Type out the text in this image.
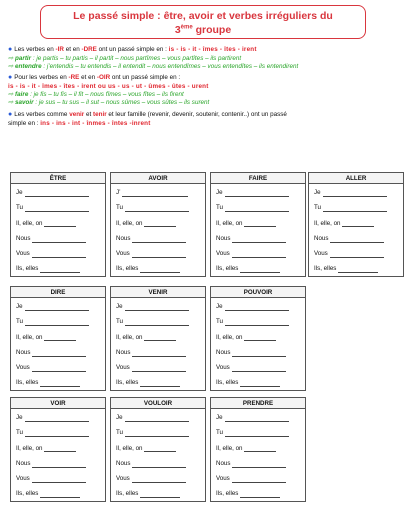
Le passé simple : être, avoir et verbes irréguliers du
3ème groupe
● Les verbes en -IR et en -DRE ont un passé simple en : is - is - it - îmes - îtes - irent
⇨ partir : je partis – tu partis – il partit – nous partîmes – vous partîtes – ils partirent
⇨ entendre : j’entendis – tu entendis – il entendit – nous entendîmes – vous entendîtes – ils entendirent
● Pour les verbes en -RE et en -OIR ont un passé simple en :
is - is - it - îmes - îtes - irent ou us - us - ut - ûmes - ûtes - urent
⇨ faire : je fis – tu fis – il fit – nous fîmes – vous fîtes – ils firent
⇨ savoir : je sus – tu sus – il sut – nous sûmes – vous sûtes – ils surent
● Les verbes comme venir et tenir et leur famille (revenir, devenir, soutenir, contenir..) ont un passé
simple en : ins - ins - int - înmes - întes -inrent
ÊTRE
Je
Tu
Il, elle, on
Nous
Vous
Ils, elles
AVOIR
J’
Tu
Il, elle, on
Nous
Vous
Ils, elles
FAIRE
Je
Tu
Il, elle, on
Nous
Vous
Ils, elles
ALLER
Je
Tu
Il, elle, on
Nous
Vous
Ils, elles
DIRE
Je
Tu
Il, elle, on
Nous
Vous
Ils, elles
VENIR
Je
Tu
Il, elle, on
Nous
Vous
Ils, elles
POUVOIR
Je
Tu
Il, elle, on
Nous
Vous
Ils, elles
VOIR
Je
Tu
Il, elle, on
Nous
Vous
Ils, elles
VOULOIR
Je
Tu
Il, elle, on
Nous
Vous
Ils, elles
PRENDRE
Je
Tu
Il, elle, on
Nous
Vous
Ils, elles
